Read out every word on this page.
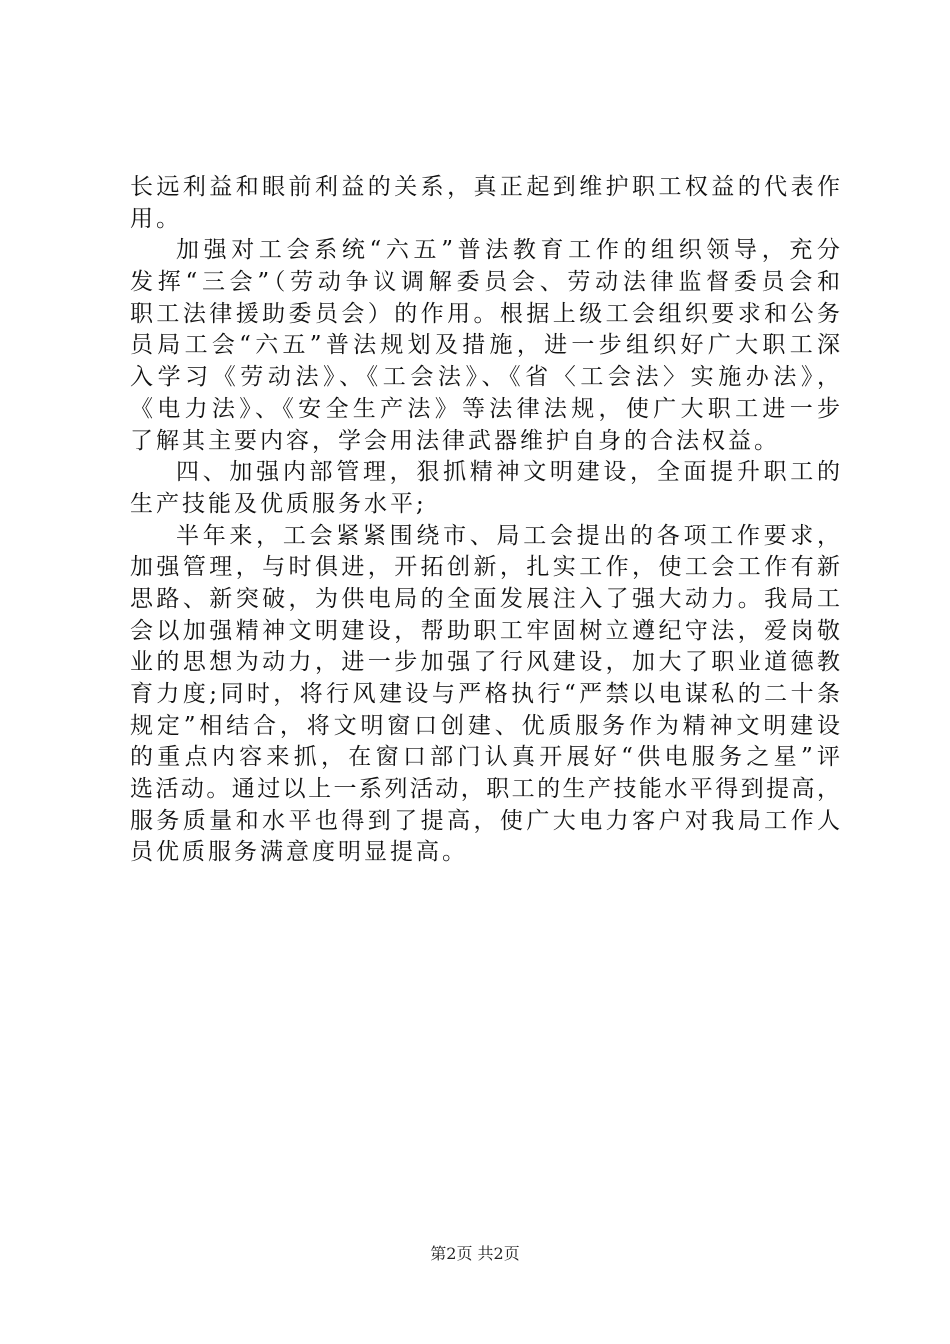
长远利益和眼前利益的关系，真正起到维护职工权益的代表作
用。
加强对工会系统“六五”普法教育工作的组织领导，充分
发挥“三会”（劳动争议调解委员会、劳动法律监督委员会和
职工法律援助委员会）的作用。根据上级工会组织要求和公务
员局工会“六五”普法规划及措施，进一步组织好广大职工深
入学习《劳动法》、《工会法》、《省〈工会法〉实施办法》，
《电力法》、《安全生产法》等法律法规，使广大职工进一步
了解其主要内容，学会用法律武器维护自身的合法权益。
四、加强内部管理，狠抓精神文明建设，全面提升职工的
生产技能及优质服务水平;
半年来，工会紧紧围绕市、局工会提出的各项工作要求，
加强管理，与时俱进，开拓创新，扎实工作，使工会工作有新
思路、新突破，为供电局的全面发展注入了强大动力。我局工
会以加强精神文明建设，帮助职工牢固树立遵纪守法，爱岗敬
业的思想为动力，进一步加强了行风建设，加大了职业道德教
育力度;同时，将行风建设与严格执行“严禁以电谋私的二十条
规定”相结合，将文明窗口创建、优质服务作为精神文明建设
的重点内容来抓，在窗口部门认真开展好“供电服务之星”评
选活动。通过以上一系列活动，职工的生产技能水平得到提高，
服务质量和水平也得到了提高，使广大电力客户对我局工作人
员优质服务满意度明显提高。
第2页 共2页
